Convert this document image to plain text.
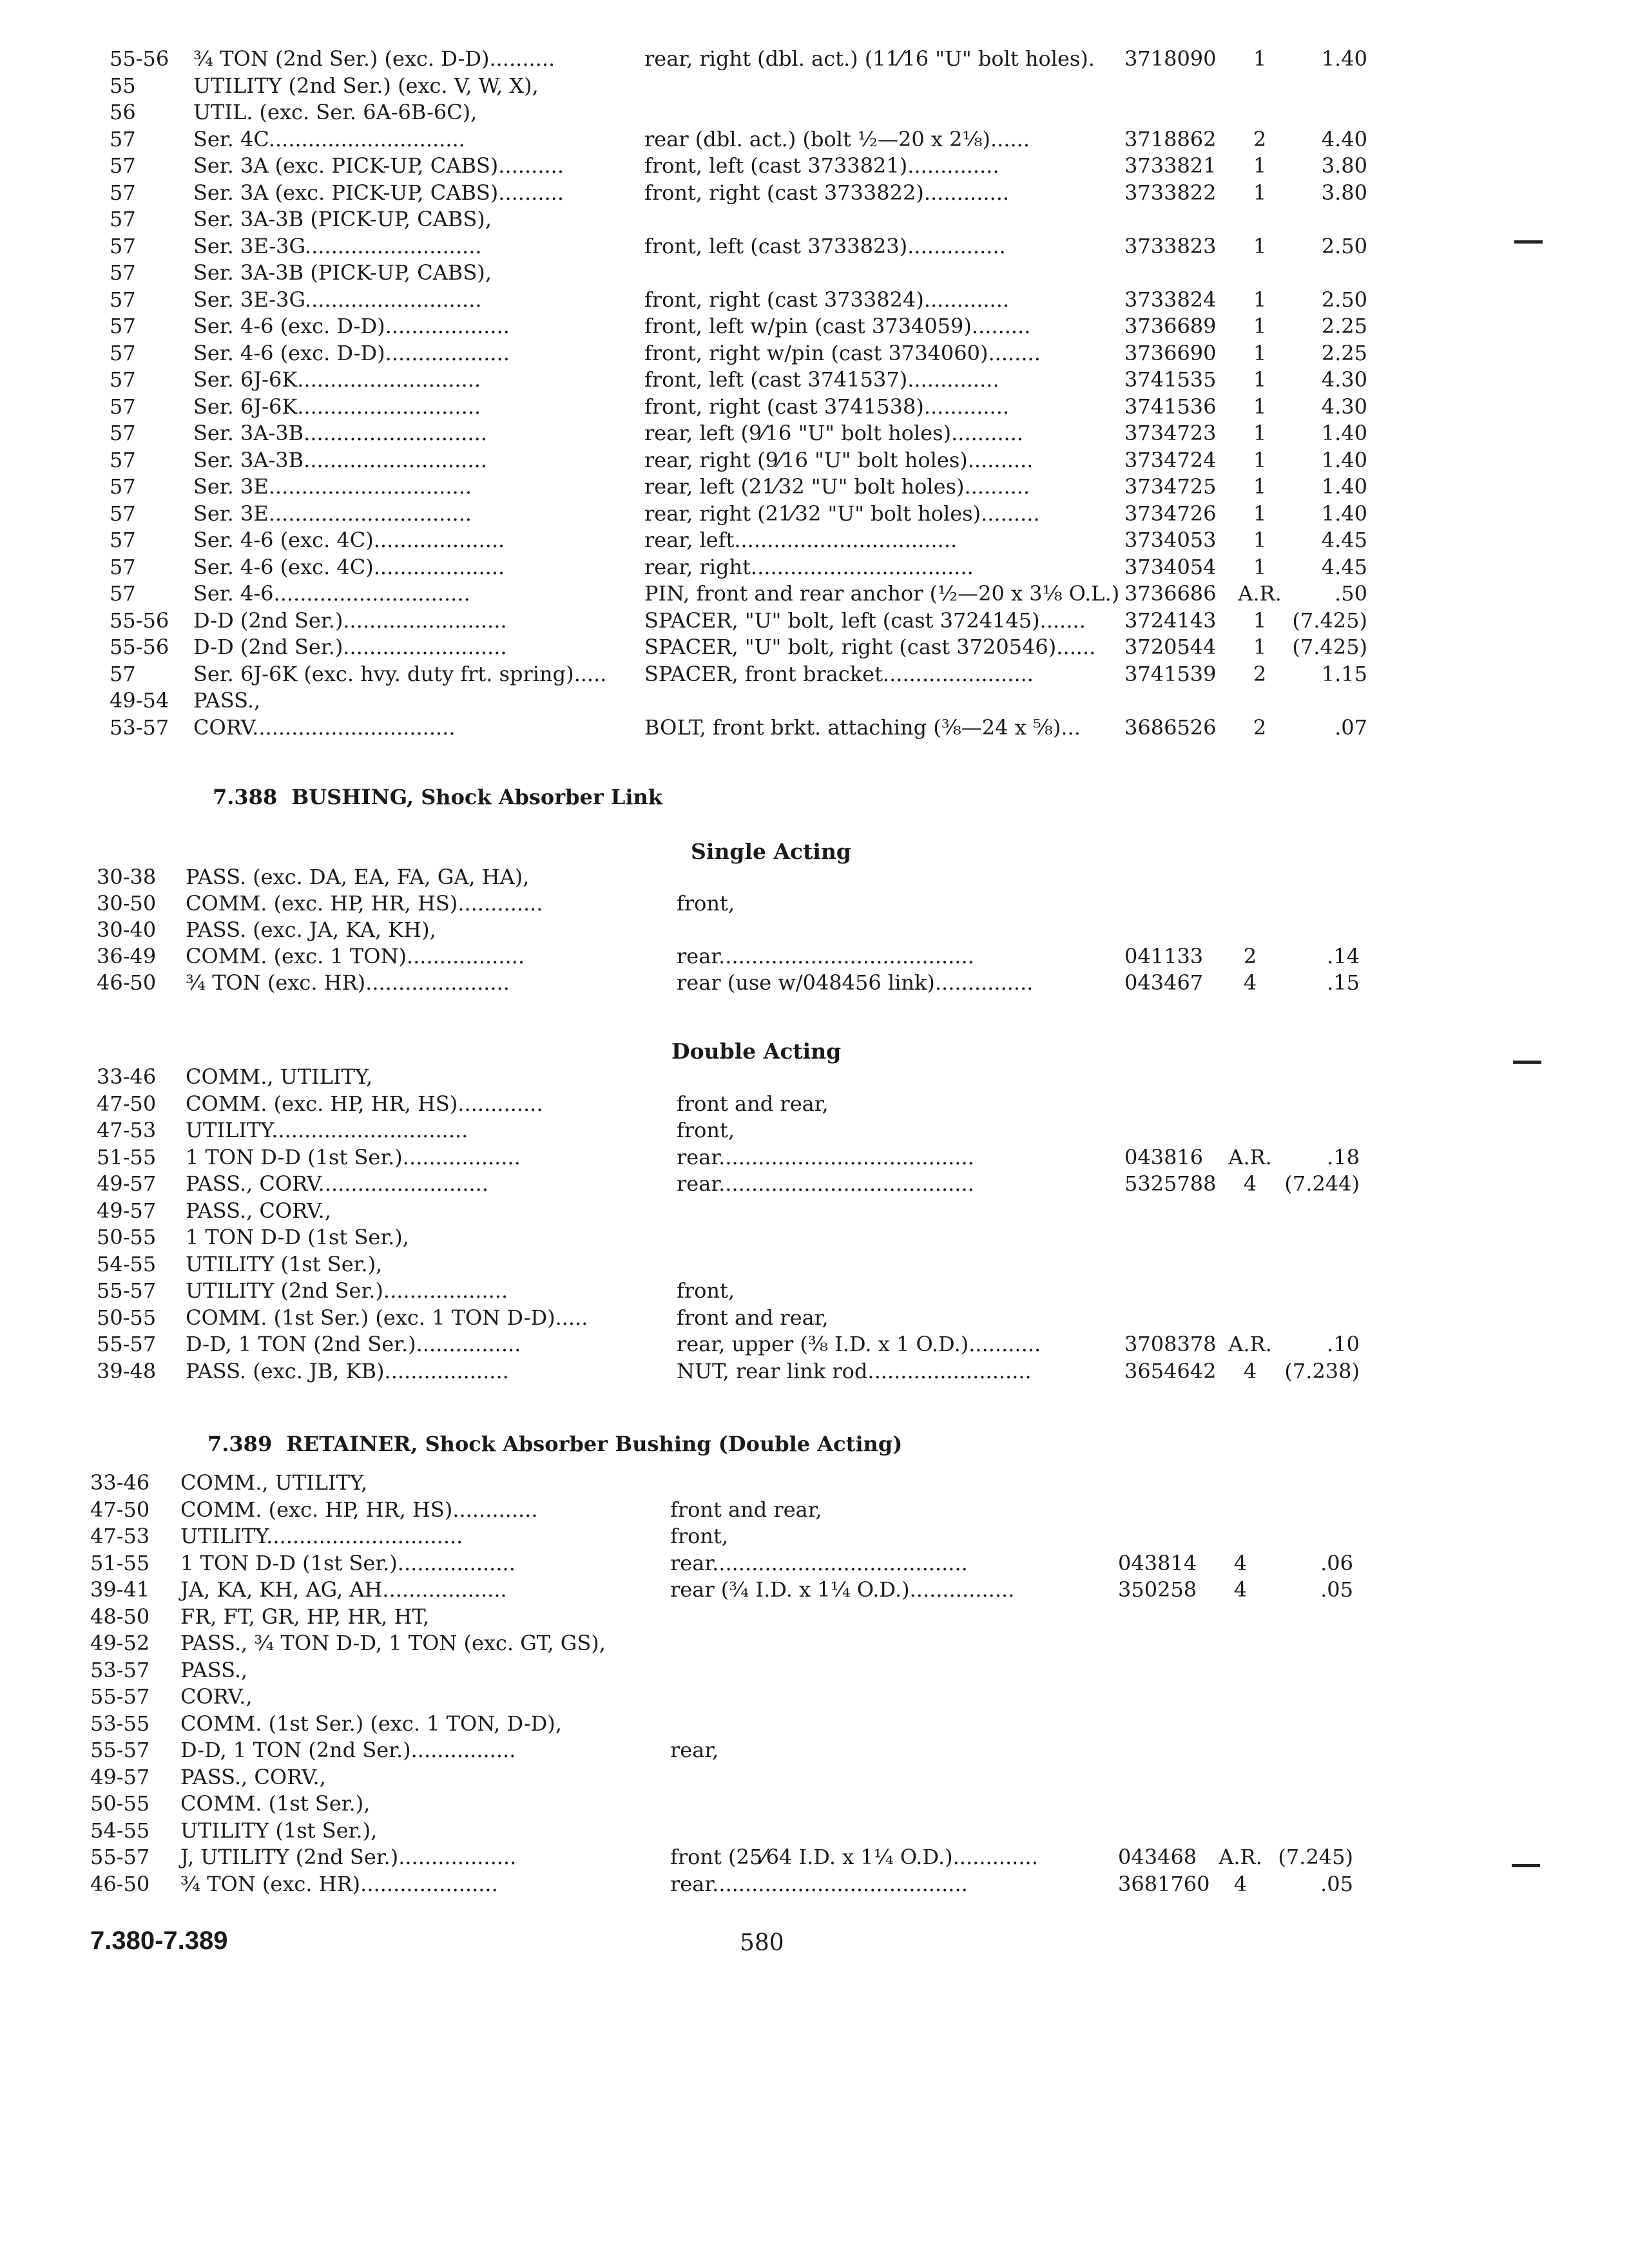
55-56 ¾ TON (2nd Ser.) (exc. D-D)..........	rear, right (dbl. act.) (11⁄16 "U" bolt holes). 3718090	1	1.40
55	UTILITY (2nd Ser.) (exc. V, W, X),
56	UTIL. (exc. Ser. 6A-6B-6C),
57	Ser. 4C..............................	rear (dbl. act.) (bolt ½—20 x 2⅛)......	3718862	2	4.40
57	Ser. 3A (exc. PICK-UP, CABS)..........	front, left (cast 3733821)..............	3733821	1	3.80
57	Ser. 3A (exc. PICK-UP, CABS)..........	front, right (cast 3733822).............	3733822	1	3.80
57	Ser. 3A-3B (PICK-UP, CABS),
57	Ser. 3E-3G...........................	front, left (cast 3733823)...............	3733823	1	2.50
57	Ser. 3A-3B (PICK-UP, CABS),
57	Ser. 3E-3G...........................	front, right (cast 3733824).............	3733824	1	2.50
57	Ser. 4-6 (exc. D-D)...................	front, left w/pin (cast 3734059).........	3736689	1	2.25
57	Ser. 4-6 (exc. D-D)...................	front, right w/pin (cast 3734060)........	3736690	1	2.25
57	Ser. 6J-6K............................	front, left (cast 3741537)..............	3741535	1	4.30
57	Ser. 6J-6K............................	front, right (cast 3741538).............	3741536	1	4.30
57	Ser. 3A-3B............................	rear, left (9⁄16 "U" bolt holes)...........	3734723	1	1.40
57	Ser. 3A-3B............................	rear, right (9⁄16 "U" bolt holes)..........	3734724	1	1.40
57	Ser. 3E...............................	rear, left (21⁄32 "U" bolt holes)..........	3734725	1	1.40
57	Ser. 3E...............................	rear, right (21⁄32 "U" bolt holes).........	3734726	1	1.40
57	Ser. 4-6 (exc. 4C)....................	rear, left..................................	3734053	1	4.45
57	Ser. 4-6 (exc. 4C)....................	rear, right..................................	3734054	1	4.45
57	Ser. 4-6..............................	PIN, front and rear anchor (½—20 x 3⅛ O.L.) 3736686	A.R.	.50
55-56 D-D (2nd Ser.).........................	SPACER, "U" bolt, left (cast 3724145)....... 3724143	1	(7.425)
55-56 D-D (2nd Ser.).........................	SPACER, "U" bolt, right (cast 3720546)...... 3720544	1	(7.425)
57	Ser. 6J-6K (exc. hvy. duty frt. spring)..... SPACER, front bracket.......................	3741539	2	1.15
49-54 PASS.,
53-57 CORV...............................	BOLT, front brkt. attaching (⅜—24 x ⅝)... 3686526	2	.07
7.388 BUSHING, Shock Absorber Link
Single Acting
30-38 PASS. (exc. DA, EA, FA, GA, HA),
30-50 COMM. (exc. HP, HR, HS).............	front,
30-40 PASS. (exc. JA, KA, KH),
36-49 COMM. (exc. 1 TON)..................	rear.......................................	041133	2	.14
46-50 ¾ TON (exc. HR)......................	rear (use w/048456 link)...............	043467	4	.15
Double Acting
33-46 COMM., UTILITY,
47-50 COMM. (exc. HP, HR, HS).............	front and rear,
47-53 UTILITY..............................	front,
51-55 1 TON D-D (1st Ser.)..................	rear.......................................	043816	A.R.	.18
49-57 PASS., CORV..........................	rear.......................................	5325788	4	(7.244)
49-57 PASS., CORV.,
50-55 1 TON D-D (1st Ser.),
54-55 UTILITY (1st Ser.),
55-57 UTILITY (2nd Ser.)...................	front,
50-55 COMM. (1st Ser.) (exc. 1 TON D-D).....	front and rear,
55-57 D-D, 1 TON (2nd Ser.)................	rear, upper (⅜ I.D. x 1 O.D.)...........	3708378 A.R.	.10
39-48 PASS. (exc. JB, KB)...................	NUT, rear link rod.........................	3654642	4	(7.238)
7.389 RETAINER, Shock Absorber Bushing (Double Acting)
33-46 COMM., UTILITY,
47-50 COMM. (exc. HP, HR, HS).............	front and rear,
47-53 UTILITY..............................	front,
51-55 1 TON D-D (1st Ser.)..................	rear.......................................	043814	4	.06
39-41 JA, KA, KH, AG, AH...................	rear (¾ I.D. x 1¼ O.D.)................	350258	4	.05
48-50 FR, FT, GR, HP, HR, HT,
49-52 PASS., ¾ TON D-D, 1 TON (exc. GT, GS),
53-57 PASS.,
55-57 CORV.,
53-55 COMM. (1st Ser.) (exc. 1 TON, D-D),
55-57 D-D, 1 TON (2nd Ser.)................	rear,
49-57 PASS., CORV.,
50-55 COMM. (1st Ser.),
54-55 UTILITY (1st Ser.),
55-57 J, UTILITY (2nd Ser.)..................	front (25⁄64 I.D. x 1¼ O.D.).............	043468	A.R. (7.245)
46-50 ¾ TON (exc. HR).....................	rear.......................................	3681760	4	.05
7.380-7.389	580
